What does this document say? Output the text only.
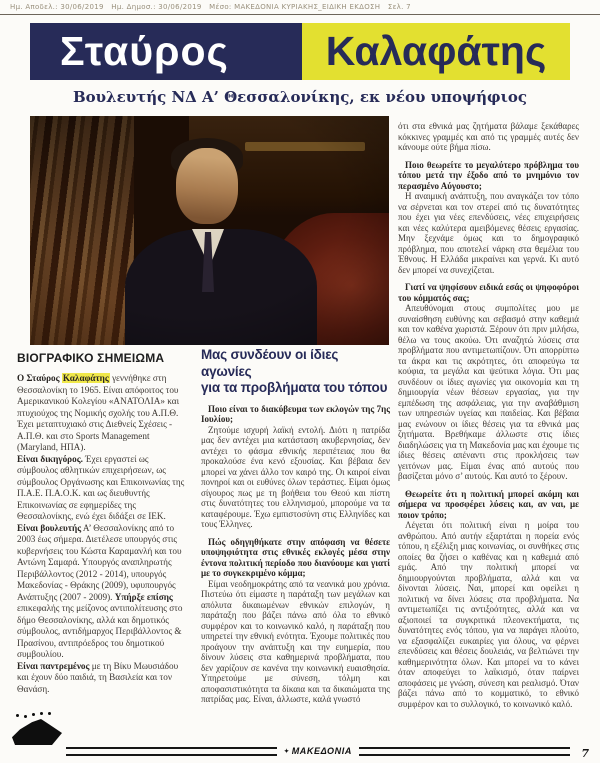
Ημ. Αποδελ.: 30/06/2019   Ημ. Δημοσ.: 30/06/2019   Μέσο: ΜΑΚΕΔΟΝΙΑ ΚΥΡΙΑΚΗΣ_ΕΙΔΙΚΗ ΕΚΔΟΣΗ   Σελ. 7
Σταύρος	Καλαφάτης
Βουλευτής ΝΔ Α’ Θεσσαλονίκης, εκ νέου υποψήφιος
ΒΙΟΓΡΑΦΙΚΟ ΣΗΜΕΙΩΜΑ

Ο Σταύρος Καλαφάτης γεννήθηκε στη Θεσσαλονίκη το 1965. Είναι απόφοιτος του Αμερικανικού Κολεγίου «ΑΝΑΤΟΛΙΑ» και πτυχιούχος της Νομικής σχολής του Α.Π.Θ. Έχει μεταπτυχιακό στις Διεθνείς Σχέσεις - Α.Π.Θ. και στο Sports Management (Maryland, ΗΠΑ).

Είναι δικηγόρος. Έχει εργαστεί ως σύμβουλος αθλητικών επιχειρήσεων, ως σύμβουλος Οργάνωσης και Επικοινωνίας της Π.Α.Ε. Π.Α.Ο.Κ. και ως διευθυντής Επικοινωνίας σε εφημερίδες της Θεσσαλονίκης, ενώ έχει διδάξει σε ΙΕΚ.

Είναι βουλευτής Α’ Θεσσαλονίκης από το 2003 έως σήμερα. Διετέλεσε υπουργός στις κυβερνήσεις του Κώστα Καραμανλή και του Αντώνη Σαμαρά. Υπουργός αναπληρωτής Περιβάλλοντος (2012 - 2014), υπουργός Μακεδονίας - Θράκης (2009), υφυπουργός Ανάπτυξης (2007 - 2009). Υπήρξε επίσης επικεφαλής της μείζονος αντιπολίτευσης στο δήμο Θεσσαλονίκης, αλλά και δημοτικός σύμβουλος, αντιδήμαρχος Περιβάλλοντος & Πρασίνου, αντιπρόεδρος του δημοτικού συμβουλίου.

Είναι παντρεμένος με τη Βίκυ Μωυσιάδου και έχουν δύο παιδιά, τη Βασιλεία και τον Θανάση.

Μας συνδέουν οι ίδιες αγωνίες
για τα προβλήματα του τόπου

Ποιο είναι το διακύβευμα των εκλογών της 7ης Ιουλίου;

Ζητούμε ισχυρή λαϊκή εντολή. Διότι η πατρίδα μας δεν αντέχει μια κατάσταση ακυβερνησίας, δεν αντέχει το φάσμα εθνικής περιπέτειας που θα προκαλούσε ένα κενό εξουσίας. Και βέβαια δεν μπορεί να χάνει άλλο τον καιρό της. Οι καιροί είναι πονηροί και οι ευθύνες όλων τεράστιες. Είμαι όμως σίγουρος πως με τη βοήθεια του Θεού και πίστη στις δυνατότητες του ελληνισμού, μπορούμε να τα καταφέρουμε. Έχω εμπιστοσύνη στις Ελληνίδες και τους Έλληνες.

Πώς οδηγηθήκατε στην απόφαση να θέσετε υποψηφιότητα στις εθνικές εκλογές μέσα στην έντονα πολιτική περίοδο που διανύουμε και γιατί με το συγκεκριμένο κόμμα;

Είμαι νεοδημοκράτης από τα νεανικά μου χρόνια. Πιστεύω ότι είμαστε η παράταξη των μεγάλων και απόλυτα δικαιωμένων εθνικών επιλογών, η παράταξη που βάζει πάνω από όλα το εθνικό συμφέρον και το κοινωνικό καλό, η παράταξη που υπηρετεί την εθνική ενότητα. Έχουμε πολιτικές που προάγουν την ανάπτυξη και την ευημερία, που δίνουν λύσεις στα καθημερινά προβλήματα, που δεν χαρίζουν σε κανένα την κοινωνική ευαισθησία. Υπηρετούμε με σύνεση, τόλμη και αποφασιστικότητα τα δίκαια και τα δικαιώματα της πατρίδας μας. Είναι, άλλωστε, καλά γνωστό

ότι στα εθνικά μας ζητήματα βάλαμε ξεκάθαρες κόκκινες γραμμές και από τις γραμμές αυτές δεν κάνουμε ούτε βήμα πίσω.

Ποιο θεωρείτε το μεγαλύτερο πρόβλημα του τόπου μετά την έξοδο από το μνημόνιο τον περασμένο Αύγουστο;

Η αναιμική ανάπτυξη, που αναγκάζει τον τόπο να σέρνεται και τον στερεί από τις δυνατότητες που έχει για νέες επενδύσεις, νέες επιχειρήσεις και νέες καλύτερα αμειβόμενες θέσεις εργασίας. Μην ξεχνάμε όμως και το δημογραφικό πρόβλημα, που αποτελεί νάρκη στα θεμέλια του Έθνους. Η Ελλάδα μικραίνει και γερνά. Κι αυτό δεν μπορεί να συνεχίζεται.

Γιατί να ψηφίσουν ειδικά εσάς οι ψηφοφόροι του κόμματός σας;

Απευθύνομαι στους συμπολίτες μου με συναίσθηση ευθύνης και σεβασμό στην καθεμιά και τον καθένα χωριστά. Ξέρουν ότι πριν μιλήσω, θέλω να τους ακούω. Ότι αναζητώ λύσεις στα προβλήματα που αντιμετωπίζουν. Ότι απορρίπτω τα άκρα και τις ακρότητες, ότι αποφεύγω τα κούφια, τα μεγάλα και ψεύτικα λόγια. Ότι μας συνδέουν οι ίδιες αγωνίες για οικονομία και τη δημιουργία νέων θέσεων εργασίας, για την εμπέδωση της ασφάλειας, για την αναβάθμιση των υπηρεσιών υγείας και παιδείας. Και βέβαια μας ενώνουν οι ίδιες θέσεις για τα εθνικά μας ζητήματα. Βρεθήκαμε άλλωστε στις ίδιες διαδηλώσεις για τη Μακεδονία μας και έχουμε τις ίδιες θέσεις απέναντι στις προκλήσεις των γειτόνων μας. Είμαι ένας από αυτούς που βασίζεται μόνο σ’ αυτούς. Και αυτό το ξέρουν.

Θεωρείτε ότι η πολιτική μπορεί ακόμη και σήμερα να προσφέρει λύσεις και, αν ναι, με ποιον τρόπο;

Λέγεται ότι πολιτική είναι η μοίρα του ανθρώπου. Από αυτήν εξαρτάται η πορεία ενός τόπου, η εξέλιξη μιας κοινωνίας, οι συνθήκες στις οποίες θα ζήσει ο καθένας και η καθεμιά από εμάς. Από την πολιτική μπορεί να δημιουργούνται προβλήματα, αλλά και να δίνονται λύσεις. Ναι, μπορεί και οφείλει η πολιτική να δίνει λύσεις στα προβλήματα. Να αντιμετωπίζει τις αντιξοότητες, αλλά και να αξιοποιεί τα συγκριτικά πλεονεκτήματα, τις δυνατότητες ενός τόπου, για να παράγει πλούτο, να εξασφαλίζει ευκαιρίες για όλους, να φέρνει επενδύσεις και θέσεις δουλειάς, να βελτιώνει την καθημερινότητα όλων. Και μπορεί να το κάνει όταν αποφεύγει το λαϊκισμό, όταν παίρνει αποφάσεις με γνώση, σύνεση και ρεαλισμό. Όταν βάζει πάνω από το κομματικό, το εθνικό συμφέρον και το συλλογικό, το κοινωνικό καλό.

✦ ΜΑΚΕΔΟΝΙΑ	7
